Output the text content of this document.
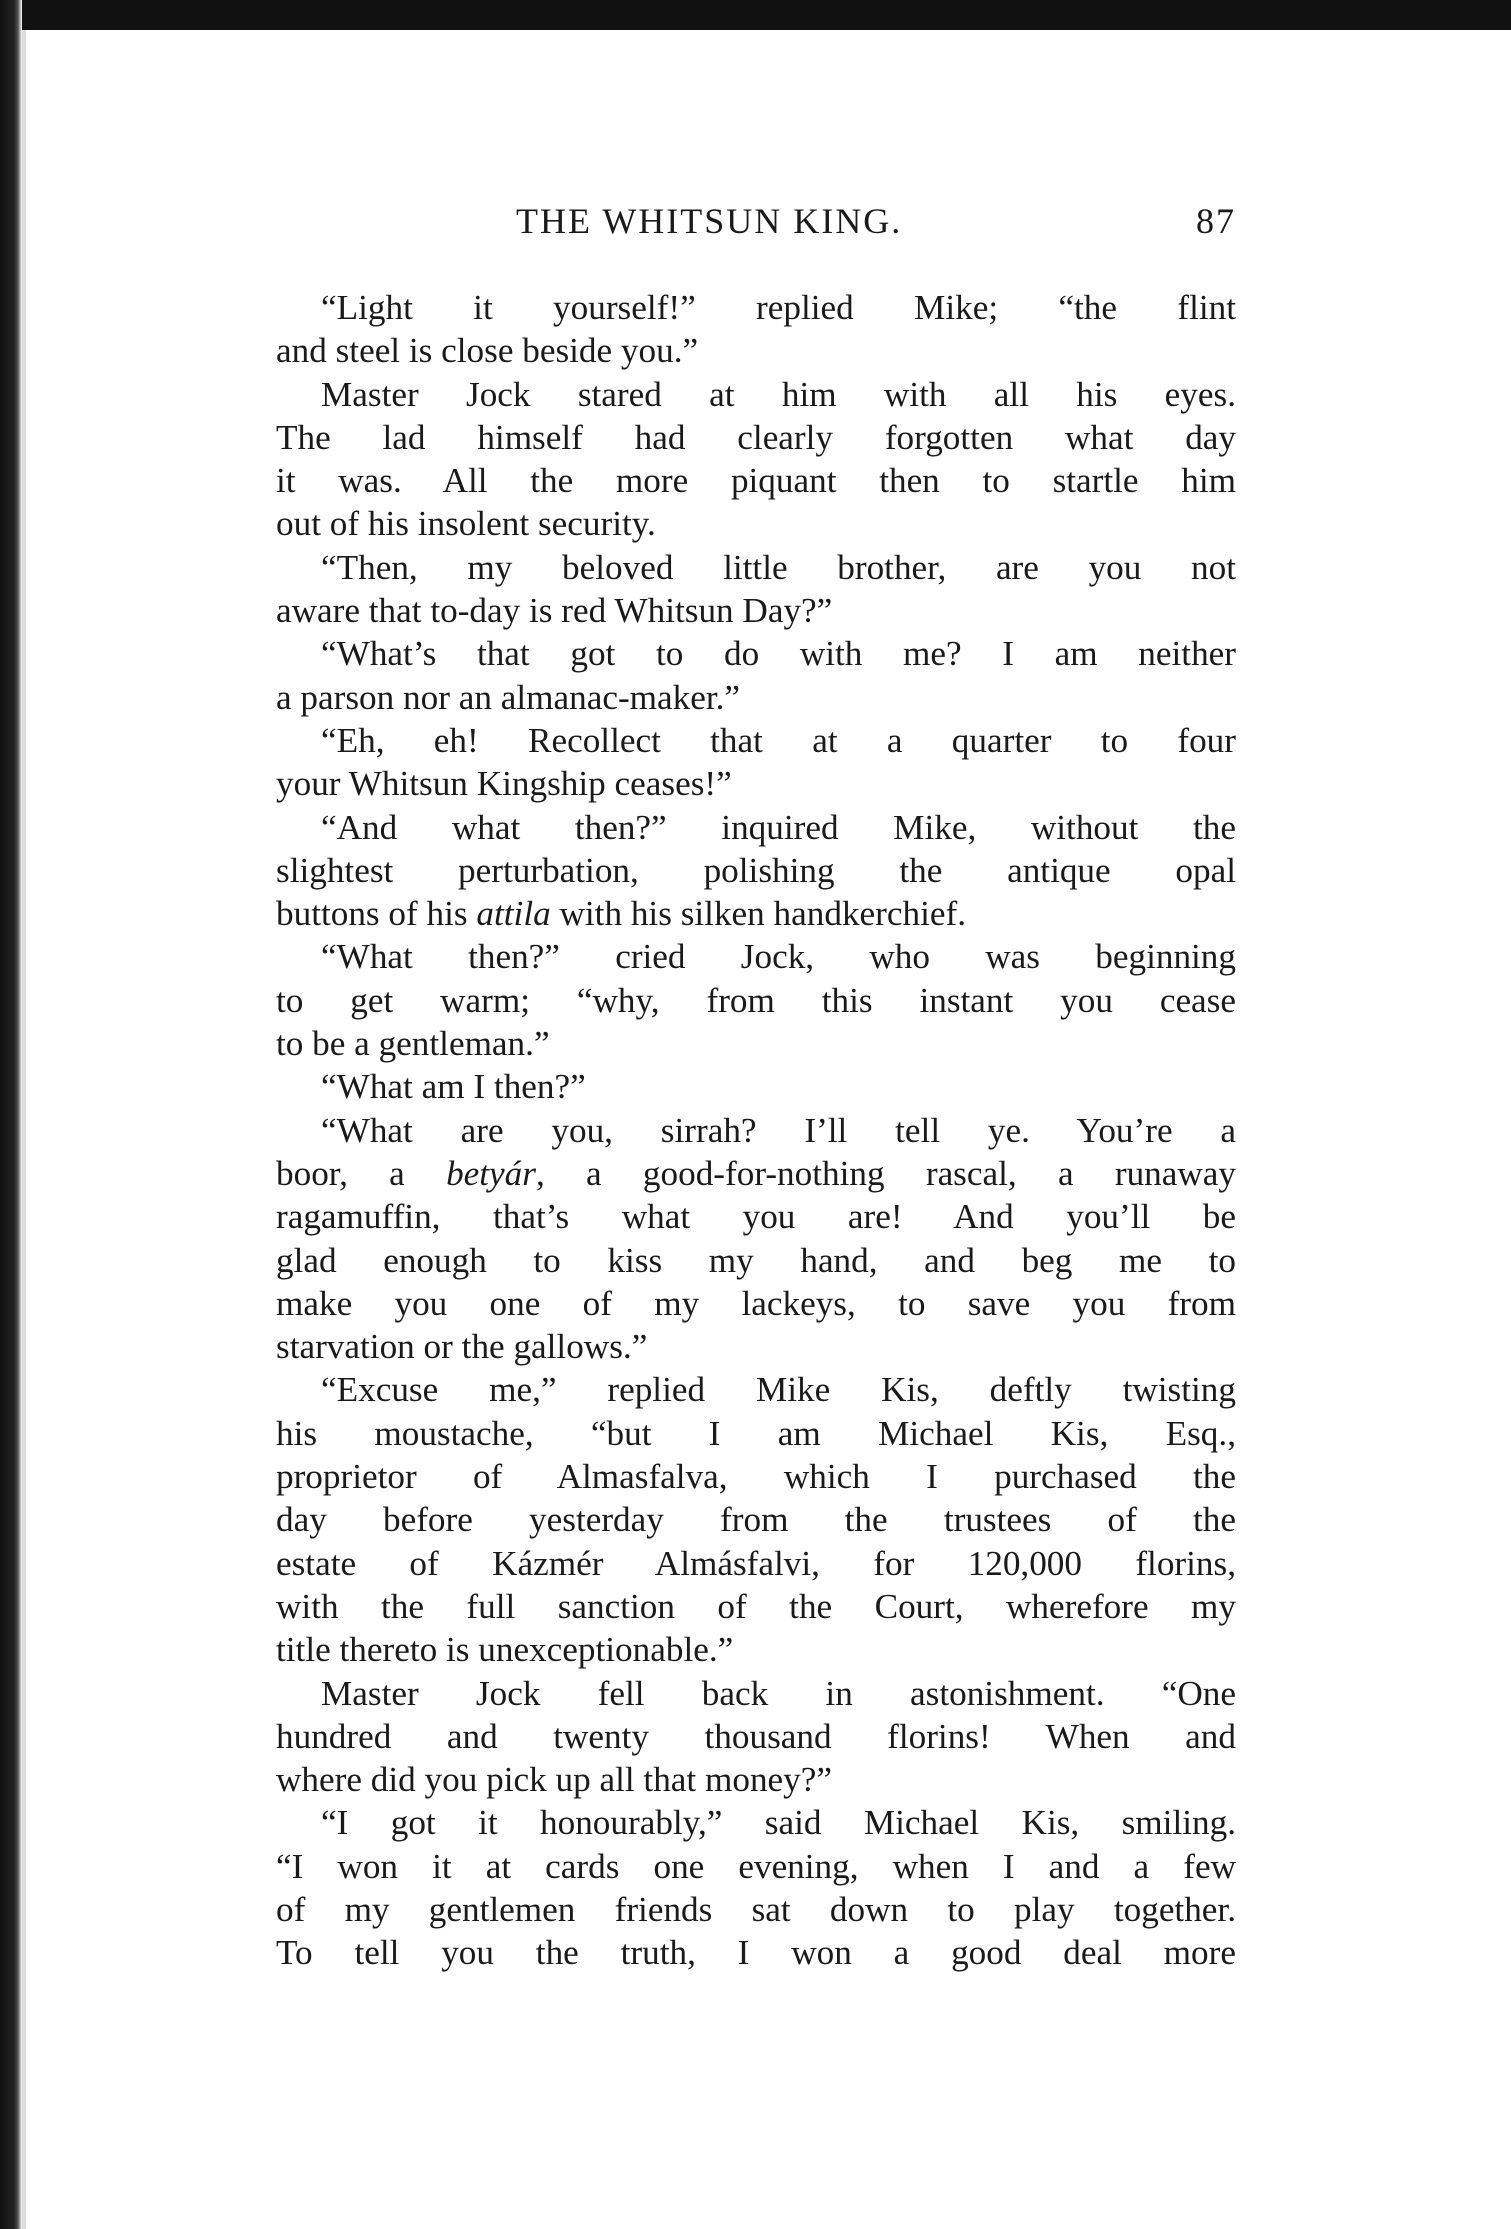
THE WHITSUN KING.	87
“Light it yourself!” replied Mike; “the flint
and steel is close beside you.”
Master Jock stared at him with all his eyes.
The lad himself had clearly forgotten what day
it was. All the more piquant then to startle him
out of his insolent security.
“Then, my beloved little brother, are you not
aware that to-day is red Whitsun Day?”
“What’s that got to do with me? I am neither
a parson nor an almanac-maker.”
“Eh, eh! Recollect that at a quarter to four
your Whitsun Kingship ceases!”
“And what then?” inquired Mike, without the
slightest perturbation, polishing the antique opal
buttons of his attila with his silken handkerchief.
“What then?” cried Jock, who was beginning
to get warm; “why, from this instant you cease
to be a gentleman.”
“What am I then?”
“What are you, sirrah? I’ll tell ye. You’re a
boor, a betyár, a good-for-nothing rascal, a runaway
ragamuffin, that’s what you are! And you’ll be
glad enough to kiss my hand, and beg me to
make you one of my lackeys, to save you from
starvation or the gallows.”
“Excuse me,” replied Mike Kis, deftly twisting
his moustache, “but I am Michael Kis, Esq.,
proprietor of Almasfalva, which I purchased the
day before yesterday from the trustees of the
estate of Kázmér Almásfalvi, for 120,000 florins,
with the full sanction of the Court, wherefore my
title thereto is unexceptionable.”
Master Jock fell back in astonishment. “One
hundred and twenty thousand florins! When and
where did you pick up all that money?”
“I got it honourably,” said Michael Kis, smiling.
“I won it at cards one evening, when I and a few
of my gentlemen friends sat down to play together.
To tell you the truth, I won a good deal more
